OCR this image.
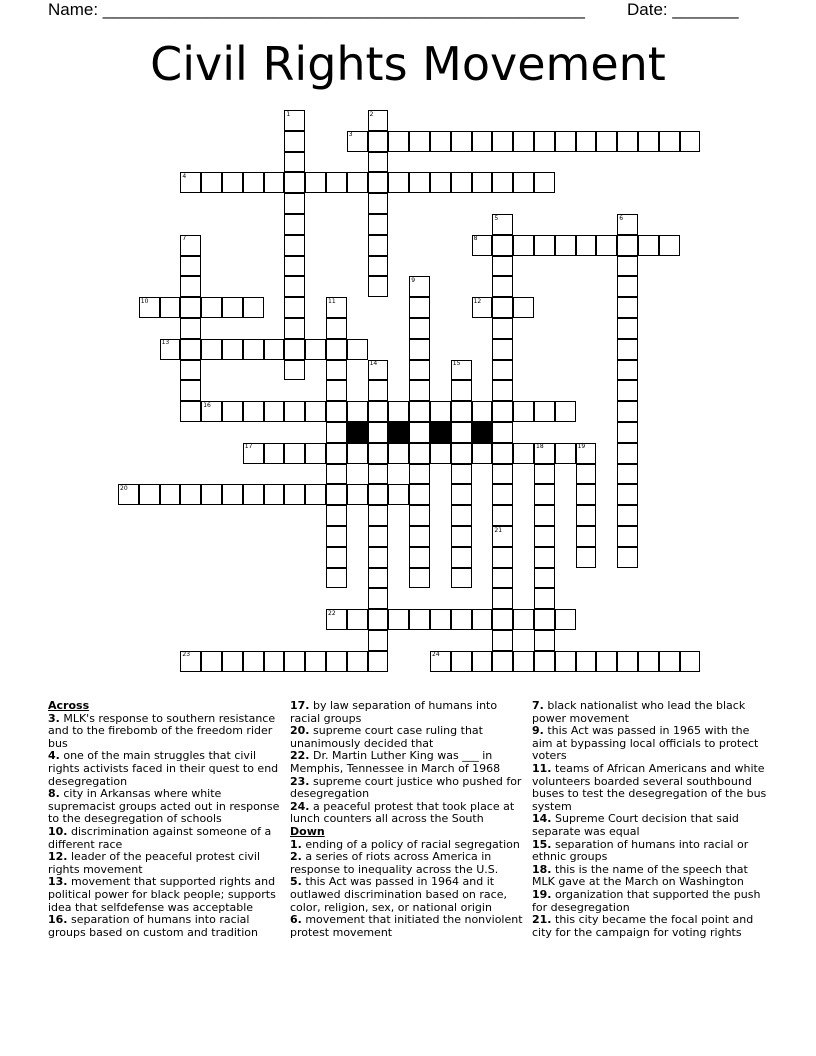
Name: ___________________________________________________ Date: _______
Civil Rights Movement
1	2
3
4
5	6
7	8
9
10	11	12
13
14	15
16
17	18	19
20
21
22
23	24
Across
3. MLK's response to southern resistance and to the firebomb of the freedom rider bus
4. one of the main struggles that civil rights activists faced in their quest to end desegregation
8. city in Arkansas where white supremacist groups acted out in response to the desegregation of schools
10. discrimination against someone of a different race
12. leader of the peaceful protest civil rights movement
13. movement that supported rights and political power for black people; supports idea that selfdefense was acceptable
16. separation of humans into racial groups based on custom and tradition
17. by law separation of humans into racial groups
20. supreme court case ruling that unanimously decided that
22. Dr. Martin Luther King was ___ in Memphis, Tennessee in March of 1968
23. supreme court justice who pushed for desegregation
24. a peaceful protest that took place at lunch counters all across the South
Down
1. ending of a policy of racial segregation
2. a series of riots across America in response to inequality across the U.S.
5. this Act was passed in 1964 and it outlawed discrimination based on race, color, religion, sex, or national origin
6. movement that initiated the nonviolent protest movement
7. black nationalist who lead the black power movement
9. this Act was passed in 1965 with the aim at bypassing local officials to protect voters
11. teams of African Americans and white volunteers boarded several southbound buses to test the desegregation of the bus system
14. Supreme Court decision that said separate was equal
15. separation of humans into racial or ethnic groups
18. this is the name of the speech that MLK gave at the March on Washington
19. organization that supported the push for desegregation
21. this city became the focal point and city for the campaign for voting rights
